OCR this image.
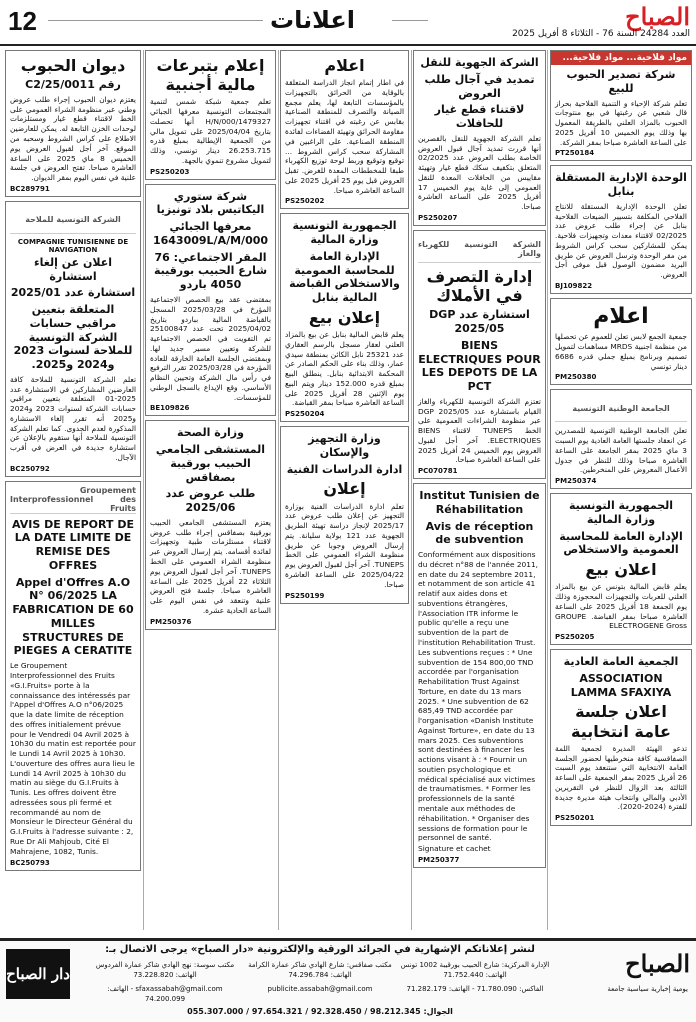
12	اعلانات	الصباح
العدد 24284 السنة 76 - الثلاثاء 8 أفريل 2025
مواد فلاحية... مواد فلاحية...
شركة تصدير الحبوب للبيع

تعلم شركة الإحياء و التنمية الفلاحية بحراز قال شعبي عن رغبتها في بيع منتوجات الحبوب بالمزاد العلني بالطريقة المعمول بها وذلك يوم الخميس 10 أفريل 2025 على الساعة العاشرة صباحا بمقر الشركة.

PT250184
الوحدة الإدارية المستقلة بنابل

تعلن الوحدة الإدارية المستقلة للانتاج الفلاحي المكلفة بتسيير الضيعات الفلاحية بنابل عن إجراء طلب عروض عدد 02/2025 لاقتناء معدات وتجهيزات فلاحية. يمكن للمشاركين سحب كراس الشروط من مقر الوحدة وترسل العروض عن طريق البريد مضمون الوصول قبل موفى أجل العروض.

BJ109822
اعلام

جمعية الجمع لابس تعلن للعموم عن تحصلها من منظمة اجنبية MRDS مساهمات لتمويل تصميم وبرنامج بمبلغ جملي قدره 6686 دينار تونسي

PM250380
الجامعة الوطنية التونسية

تعلن الجامعة الوطنية التونسية للمصدرين عن انعقاد جلستها العامة العادية يوم السبت 3 ماي 2025 بمقر الجامعة على الساعة العاشرة صباحا وذلك للنظر في جدول الأعمال المعروض على المنخرطين.

PM250374
الجمهورية التونسية وزارة المالية
الإدارة العامة للمحاسبة العمومية والاستخلاص
اعلان بيع

يعلم قابض المالية بتونس عن بيع بالمزاد العلني للعربات والتجهيزات المحجوزة وذلك يوم الجمعة 18 أفريل 2025 على الساعة العاشرة صباحا بمقر القباضة. GROUPE ELECTROGENE Gross

PS250205
الجمعية العامة العادية
ASSOCIATION LAMMA SFAXIYA
اعلان جلسة عامة انتخابية

تدعو الهيئة المديرة لجمعية اللمة الصفاقسية كافة منخرطيها لحضور الجلسة العامة الانتخابية التي ستنعقد يوم السبت 26 أفريل 2025 بمقر الجمعية على الساعة الثالثة بعد الزوال للنظر في التقريرين الأدبي والمالي وانتخاب هيئة مديرة جديدة للفترة (2024-2020).

PS250201
الشركة الجهوية للنقل
تمديد في آجال طلب العروض
لاقتناء قطع غيار للحافلات

تعلم الشركة الجهوية للنقل بالقصرين أنها قررت تمديد آجال قبول العروض الخاصة بطلب العروض عدد 02/2025 المتعلق بتكفيف سكك قطع غيار وتهيئة مقاييس من الحافلات المعدة للنقل العمومي إلى غاية يوم الخميس 17 أفريل 2025 على الساعة العاشرة صباحا.

PS250207
الشركة التونسية للكهرباء والغاز
إدارة التصرف في الأملاك
استشارة عدد DGP 2025/05
BIENS ELECTRIQUES POUR LES DEPOTS DE LA PCT

تعتزم الشركة التونسية للكهرباء والغاز القيام باستشارة عدد DGP 2025/05 عبر منظومة الشراءات العمومية على الخط TUNEPS لاقتناء BIENS ELECTRIQUES. آخر أجل لقبول العروض يوم الخميس 24 أفريل 2025 على الساعة العاشرة صباحا.

PC070781
Institut Tunisien de Réhabilitation
Avis de réception de subvention

Conformément aux dispositions du décret n°88 de l'année 2011, en date du 24 septembre 2011, et notamment de son article 41 relatif aux aides dons et subventions étrangères, l'Association ITR informe le public qu'elle a reçu une subvention de la part de l'institution Rehabilitation Trust. Les subventions reçues : * Une subvention de 154 800,00 TND accordée par l'organisation Rehabilitation Trust Against Torture, en date du 13 mars 2025. * Une subvention de 62 685,49 TND accordée par l'organisation «Danish Institute Against Torture», en date du 13 mars 2025. Ces subventions sont destinées à financer les actions visant à : * Fournir un soutien psychologique et médical spécialisé aux victimes de traumatismes. * Former les professionnels de la santé mentale aux méthodes de réhabilitation. * Organiser des sessions de formation pour le personnel de santé.

Signature et cachet

PM250377
اعلام

في اطار إتمام انجاز الدراسة المتعلقة بالوقاية من الحرائق بالتجهيزات بالمؤسسات التابعة لها، يعلم مجمع الصيانة والتصرف للمنطقة الصناعية بقابس عن رغبته في اقتناء تجهيزات مقاومة الحرائق وتهيئة الفضاءات لفائدة المنطقة الصناعية. على الراغبين في المشاركة سحب كراس الشروط ... توقيع وتوقيع وربط لوحة توزيع الكهرباء طبقا للمخططات المعدة للغرض. تقبل العروض قبل يوم 25 أفريل 2025 على الساعة العاشرة صباحا.

PS250202
الجمهورية التونسية وزارة المالية
الإدارة العامة للمحاسبة العمومية والاستخلاص القباضة المالية بنابل
إعلان بيع

يعلم قابض المالية بنابل عن بيع بالمزاد العلني لعقار مسجل بالرسم العقاري عدد 25321 نابل الكائن بمنطقة سيدي عمار، وذلك بناء على الحكم الصادر عن المحكمة الابتدائية بنابل. ينطلق البيع بمبلغ قدره 152.000 دينار ويتم البيع يوم الإثنين 28 أفريل 2025 على الساعة العاشرة صباحا بمقر القباضة.

PS250204
وزارة التجهيز والإسكان
ادارة الدراسات الفنية
إعلان

تعلم ادارة الدراسات الفنية بوزارة التجهيز عن إعلان طلب عروض عدد 2025/17 لإنجاز دراسة تهيئة الطريق الجهوية عدد 121 بولاية سليانة. يتم إرسال العروض وجوبا عن طريق منظومة الشراء العمومي على الخط TUNEPS. آخر أجل لقبول العروض يوم 2025/04/22 على الساعة العاشرة صباحا.

PS250199
إعلام بتبرعات مالية أجنبية

تعلم جمعية شبكة شمس لتنمية المجتمعات التونسية معرفها الجبائي 1479327/H/N/000 أنها تحصلت بتاريخ 2025/04/04 على تمويل مالي من الجمعية الإيطالية بمبلغ قدره 26.253.715 دينار تونسي، وذلك لتمويل مشروع تنموي بالجهة.

PS250203
شركة ستوري اليكاتيس بلاد تونيزيا
معرفها الجبائي 1643009L/A/M/000
المقر الاجتماعي: 76 شارع الحبيب بورقيبة 4050 باردو

بمقتضى عقد بيع الحصص الاجتماعية المؤرخ في 2025/03/28 المسجل بالقباضة المالية بباردو بتاريخ 2025/04/02 تحت عدد 25100847 تم التفويت في الحصص الاجتماعية للشركة وتعيين مسير جديد لها. وبمقتضى الجلسة العامة الخارقة للعادة المؤرخة في 2025/03/28 تقرر الترفيع في رأس مال الشركة وتحيين النظام الأساسي. وقع الإيداع بالسجل الوطني للمؤسسات.

BE109826
وزارة الصحة
المستشفى الجامعي الحبيب بورقيبة بصفاقس
طلب عروض عدد 2025/06

يعتزم المستشفى الجامعي الحبيب بورقيبة بصفاقس إجراء طلب عروض لاقتناء مستلزمات طبية وتجهيزات لفائدة أقسامه. يتم إرسال العروض عبر منظومة الشراء العمومي على الخط TUNEPS. آخر أجل لقبول العروض يوم الثلاثاء 22 أفريل 2025 على الساعة العاشرة صباحا. جلسة فتح العروض علنية وتنعقد في نفس اليوم على الساعة الحادية عشرة.

PM250376
ديوان الحبوب
رقم 25/0011/C2

يعتزم ديوان الحبوب إجراء طلب عروض وطني عبر منظومة الشراء العمومي على الخط لاقتناء قطع غيار ومستلزمات لوحدات الخزن التابعة له. يمكن للعارضين الاطلاع على كراس الشروط وسحبه من الموقع. آخر أجل لقبول العروض يوم الخميس 8 ماي 2025 على الساعة العاشرة صباحا. تفتح العروض في جلسة علنية في نفس اليوم بمقر الديوان.

BC289791
الشركة التونسية للملاحة
COMPAGNIE TUNISIENNE DE NAVIGATION
اعلان عن إلغاء استشارة
استشارة عدد 2025/01
المتعلقة بتعيين مراقبي حسابات الشركة التونسية للملاحة لسنوات 2023 و2024 و2025.

تعلم الشركة التونسية للملاحة كافة العارضين المشاركين في الاستشارة عدد 2025-01 المتعلقة بتعيين مراقبي حسابات الشركة لسنوات 2023 و2024 و2025 أنه تقرر إلغاء الاستشارة المذكورة لعدم الجدوى. كما تعلم الشركة التونسية للملاحة أنها ستقوم بالإعلان عن استشارة جديدة في العرض في أقرب الآجال.

BC250792
Groupement Interprofessionnel des Fruits
AVIS DE REPORT DE LA DATE LIMITE DE REMISE DES OFFRES
Appel d'Offres A.O N° 06/2025 LA FABRICATION DE 60 MILLES STRUCTURES DE PIEGES A CERATITE

Le Groupement Interprofessionnel des Fruits «G.I.Fruits» porte à la connaissance des intéressés par l'Appel d'Offres A.O n°06/2025 que la date limite de réception des offres initialement prévue pour le Vendredi 04 Avril 2025 à 10h30 du matin est reportée pour le Lundi 14 Avril 2025 à 10h30. L'ouverture des offres aura lieu le Lundi 14 Avril 2025 à 10h30 du matin au siège du G.I.Fruits à Tunis. Les offres doivent être adressées sous pli fermé et recommandé au nom de Monsieur le Directeur Général du G.I.Fruits à l'adresse suivante : 2, Rue Dr Ali Mahjoub, Cité El Mahrajene, 1082, Tunis.

BC250793
الصباح
يومية إخبارية سياسية جامعة
دار الصباح
لنشر إعلاناتكم الإشهارية في الجرائد الورقية والإلكترونية «دار الصباح» يرجى الاتصال بـ:
الإدارة المركزية: شارع الحبيب بورقيبة 1002 تونس الهاتف: 71.752.440
مكتب صفاقس: شارع الهادي شاكر عمارة الكرامة الهاتف: 74.296.784
مكتب سوسة: نهج الهادي شاكر عمارة الفردوس الهاتف: 73.228.820
الفاكس: 71.780.090 - الهاتف: 71.282.179
publicite.assabah@gmail.com
sfaxassabah@gmail.com - الهاتف: 74.200.099
الجوال: 98.212.345 / 92.328.450 / 97.654.321 / 055.307.000
